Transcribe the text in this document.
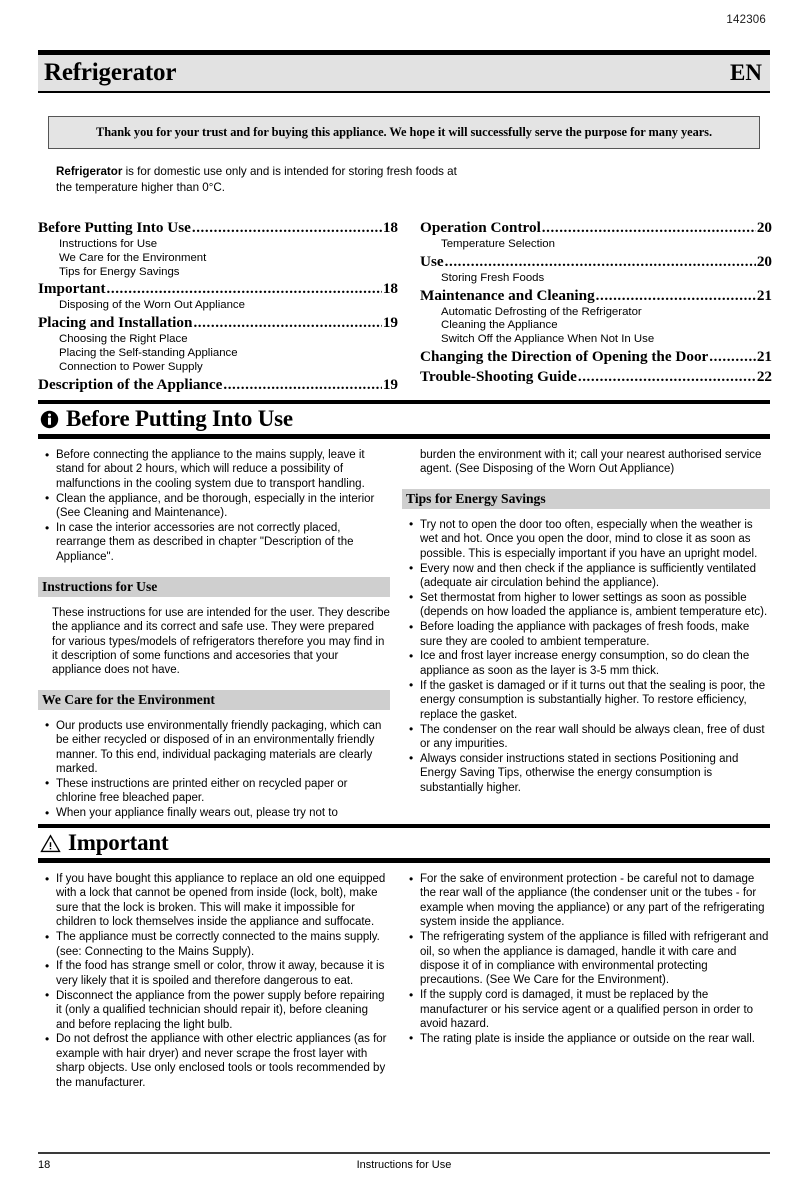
142306
Refrigerator	EN
Thank you for your trust and for buying this appliance. We hope it will successfully serve the purpose for many years.
Refrigerator is for domestic use only and is intended for storing fresh foods at the temperature higher than 0°C.
Before Putting Into Use .....	18
Instructions for Use
We Care for the Environment
Tips for Energy Savings
Important .....	18
Disposing of the Worn Out Appliance
Placing and Installation .....	19
Choosing the Right Place
Placing the Self-standing Appliance
Connection to Power Supply
Description of the Appliance .....	19
Operation Control .....	20
Temperature Selection
Use .....	20
Storing Fresh Foods
Maintenance and Cleaning .....	21
Automatic Defrosting of the Refrigerator
Cleaning the Appliance
Switch Off the Appliance When Not In Use
Changing the Direction of Opening the Door .....	21
Trouble-Shooting Guide .....	22
Before Putting Into Use
• Before connecting the appliance to the mains supply, leave it stand for about 2 hours, which will reduce a possibility of malfunctions in the cooling system due to transport handling.
• Clean the appliance, and be thorough, especially in the interior (See Cleaning and Maintenance).
• In case the interior accessories are not correctly placed, rearrange them as described in chapter "Description of the Appliance".
Instructions for Use

These instructions for use are intended for the user. They describe the appliance and its correct and safe use. They were prepared for various types/models of refrigerators therefore you may find in it description of some functions and accesories that your appliance does not have.

We Care for the Environment
• Our products use environmentally friendly packaging, which can be either recycled or disposed of in an environmentally friendly manner. To this end, individual packaging materials are clearly marked.
• These instructions are printed either on recycled paper or chlorine free bleached paper.
• When your appliance finally wears out, please try not to

burden the environment with it; call your nearest authorised service agent. (See Disposing of the Worn Out Appliance)

Tips for Energy Savings
• Try not to open the door too often, especially when the weather is wet and hot. Once you open the door, mind to close it as soon as possible. This is especially important if you have an upright model.
• Every now and then check if the appliance is sufficiently ventilated (adequate air circulation behind the appliance).
• Set thermostat from higher to lower settings as soon as possible (depends on how loaded the appliance is, ambient temperature etc).
• Before loading the appliance with packages of fresh foods, make sure they are cooled to ambient temperature.
• Ice and frost layer increase energy consumption, so do clean the appliance as soon as the layer is 3-5 mm thick.
• If the gasket is damaged or if it turns out that the sealing is poor, the energy consumption is substantially higher. To restore efficiency, replace the gasket.
• The condenser on the rear wall should be always clean, free of dust or any impurities.
• Always consider instructions stated in sections Positioning and Energy Saving Tips, otherwise the energy consumption is substantially higher.
Important
• If you have bought this appliance to replace an old one equipped with a lock that cannot be opened from inside (lock, bolt), make sure that the lock is broken. This will make it impossible for children to lock themselves inside the appliance and suffocate.
• The appliance must be correctly connected to the mains supply. (see: Connecting to the Mains Supply).
• If the food has strange smell or color, throw it away, because it is very likely that it is spoiled and therefore dangerous to eat.
• Disconnect the appliance from the power supply before repairing it (only a qualified technician should repair it), before cleaning and before replacing the light bulb.
• Do not defrost the appliance with other electric appliances (as for example with hair dryer) and never scrape the frost layer with sharp objects. Use only enclosed tools or tools recommended by the manufacturer.
• For the sake of environment protection - be careful not to damage the rear wall of the appliance (the condenser unit or the tubes - for example when moving the appliance) or any part of the refrigerating system inside the appliance.
• The refrigerating system of the appliance is filled with refrigerant and oil, so when the appliance is damaged, handle it with care and dispose it of in compliance with environmental protecting precautions. (See We Care for the Environment).
• If the supply cord is damaged, it must be replaced by the manufacturer or his service agent or a qualified person in order to avoid hazard.
• The rating plate is inside the appliance or outside on the rear wall.
18	Instructions for Use
